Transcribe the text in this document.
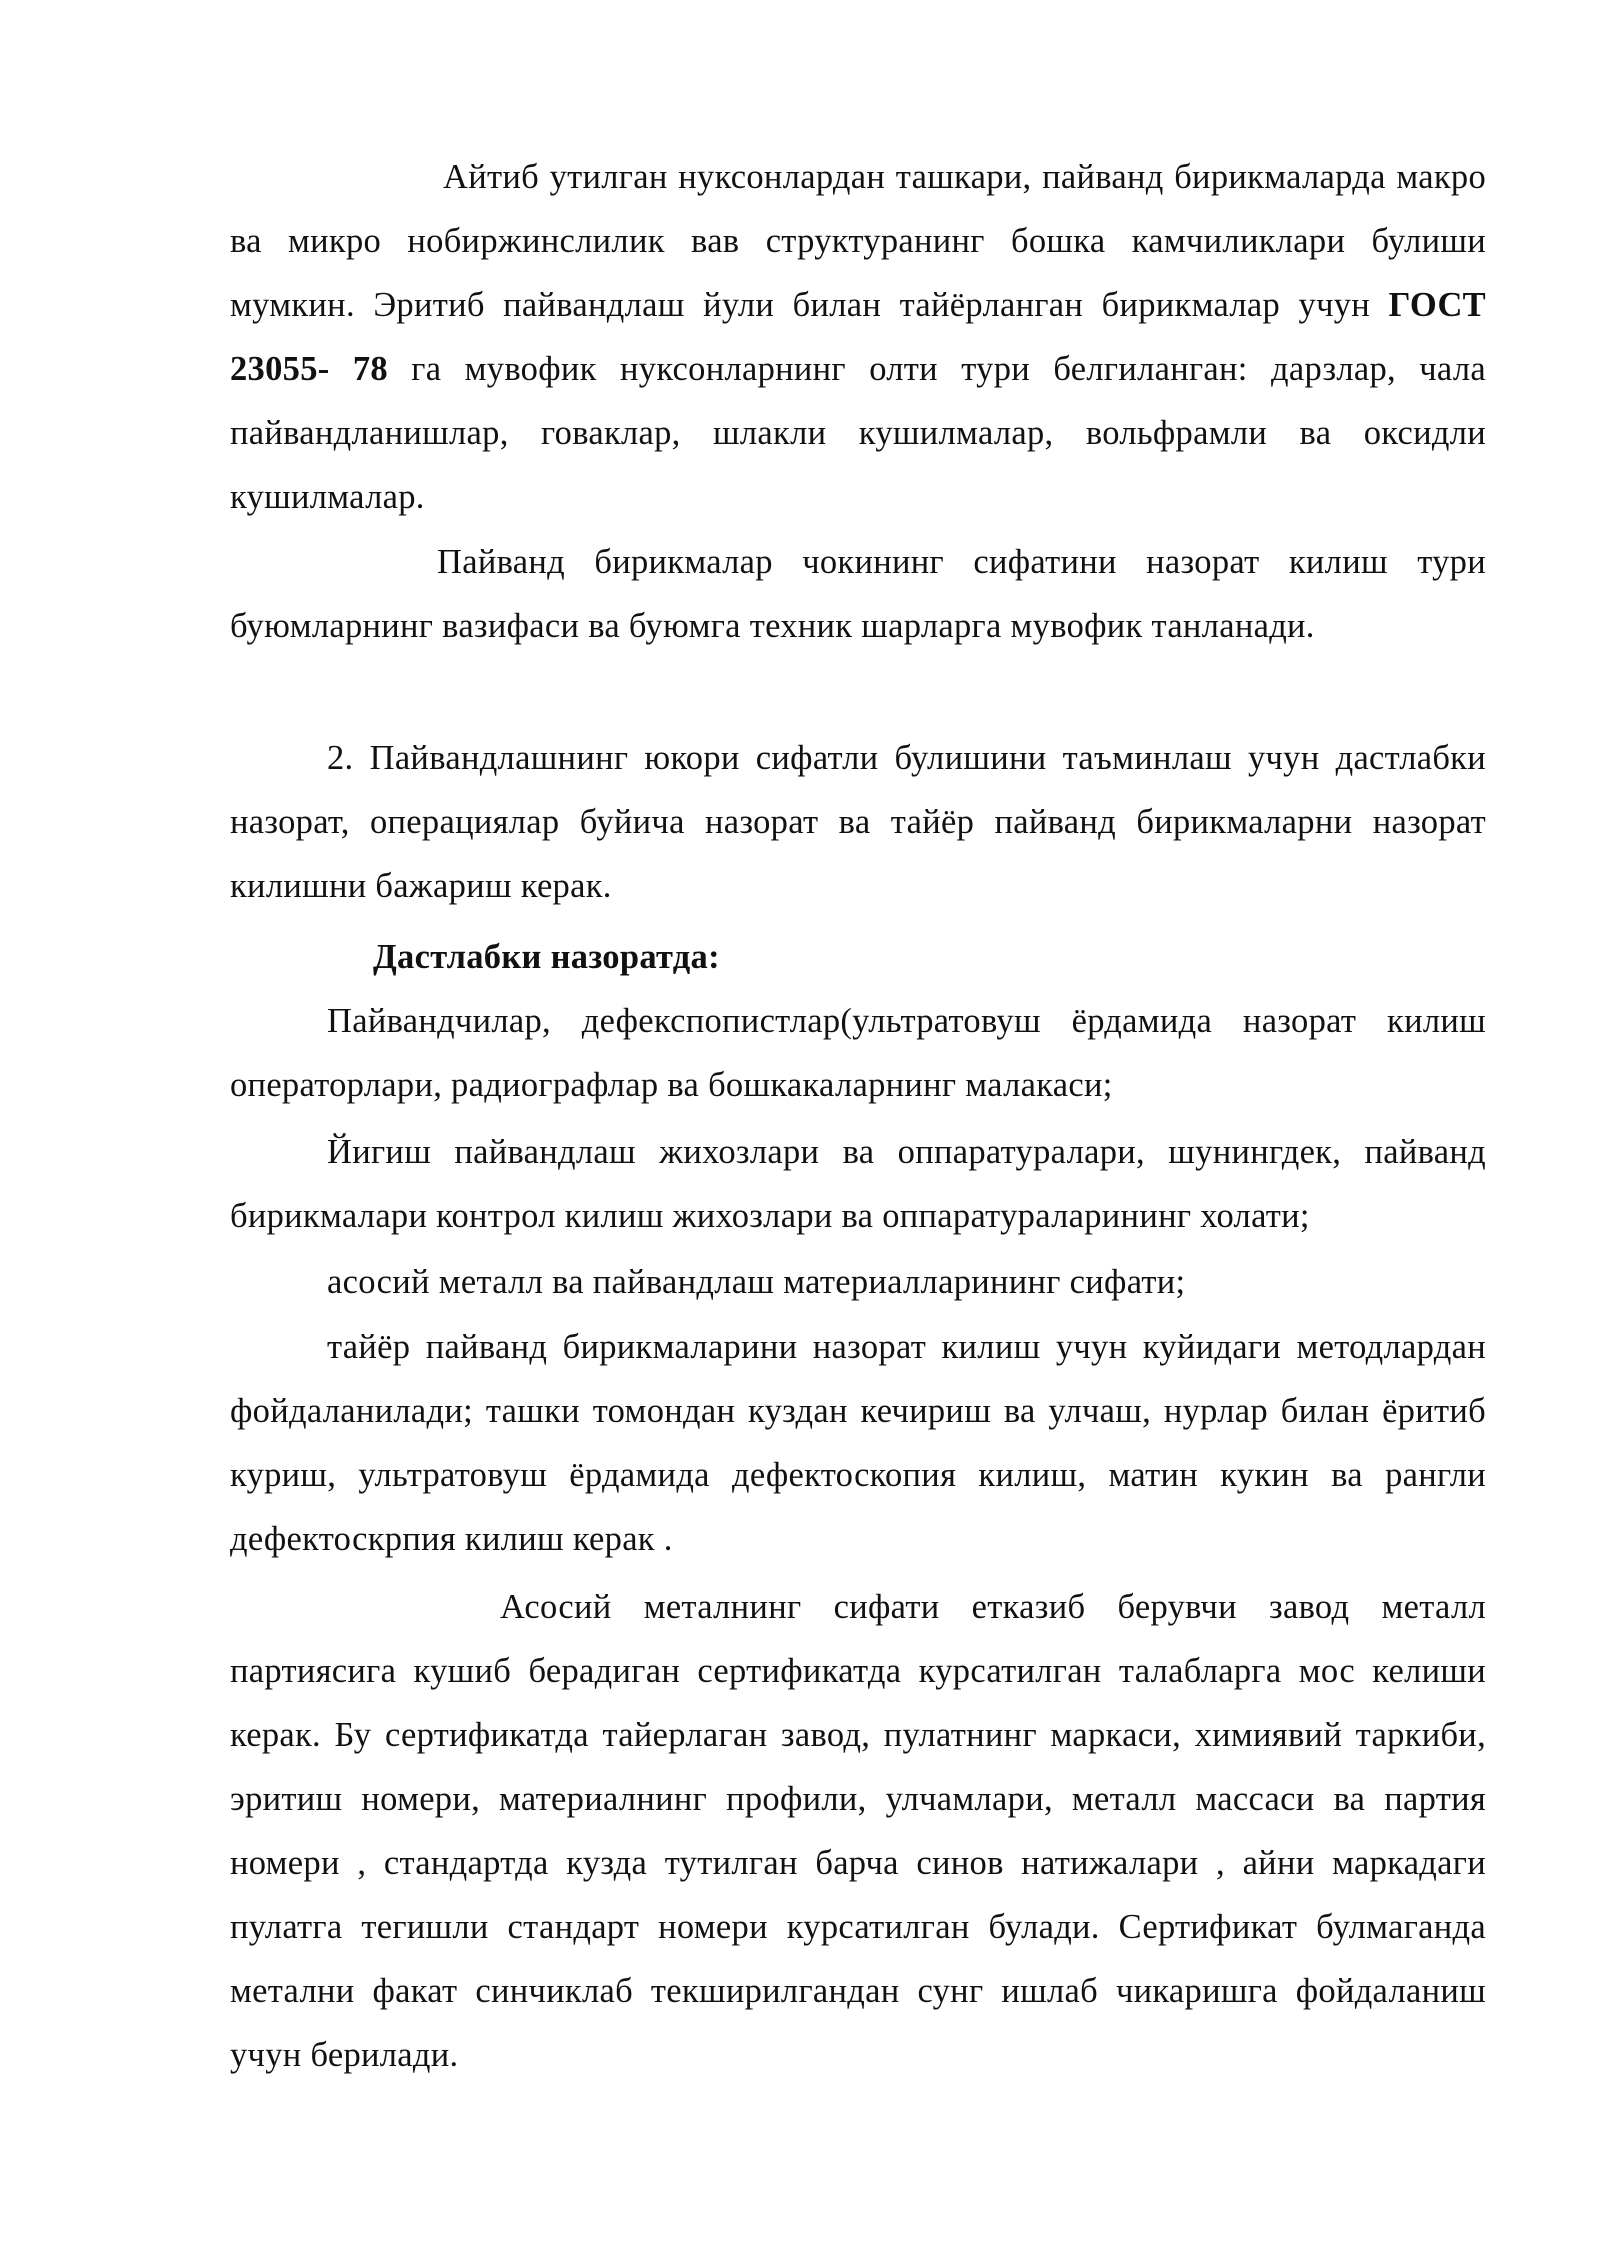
Айтиб утилган нуксонлардан ташкари, пайванд бирикмаларда макро ва микро нобиржинслилик вав структуранинг бошка камчиликлари булиши мумкин. Эритиб пайвандлаш йули билан тайёрланган бирикмалар учун ГОСТ 23055- 78 га мувофик нуксонларнинг олти тури белгиланган: дарзлар, чала пайвандланишлар, говаклар, шлакли кушилмалар, вольфрамли ва оксидли кушилмалар.

Пайванд бирикмалар чокининг сифатини назорат килиш тури буюмларнинг вазифаси ва буюмга техник шарларга мувофик танланади.

2. Пайвандлашнинг юкори сифатли булишини таъминлаш учун дастлабки назорат, операциялар буйича назорат ва тайёр пайванд бирикмаларни назорат килишни бажариш керак.

Дастлабки назоратда:

Пайвандчилар, дефекспопистлар(ультратовуш ёрдамида назорат килиш операторлари, радиографлар ва бошкакаларнинг малакаси;

Йигиш пайвандлаш жихозлари ва оппаратуралари, шунингдек, пайванд бирикмалари контрол килиш жихозлари ва оппаратураларининг холати;

асосий металл ва пайвандлаш материалларининг сифати;

тайёр пайванд бирикмаларини назорат килиш учун куйидаги методлардан фойдаланилади; ташки томондан куздан кечириш ва улчаш, нурлар билан ёритиб куриш, ультратовуш ёрдамида дефектоскопия килиш, матин кукин ва рангли дефектоскрпия килиш керак .

Асосий металнинг сифати етказиб берувчи завод металл партиясига кушиб берадиган сертификатда курсатилган талабларга мос келиши керак. Бу сертификатда тайерлаган завод, пулатнинг маркаси, химиявий таркиби, эритиш номери, материалнинг профили, улчамлари, металл массаси ва партия номери , стандартда кузда тутилган барча синов натижалари , айни маркадаги пулатга тегишли стандарт номери курсатилган булади. Сертификат булмаганда метални факат синчиклаб текширилгандан сунг ишлаб чикаришга фойдаланиш учун берилади.
